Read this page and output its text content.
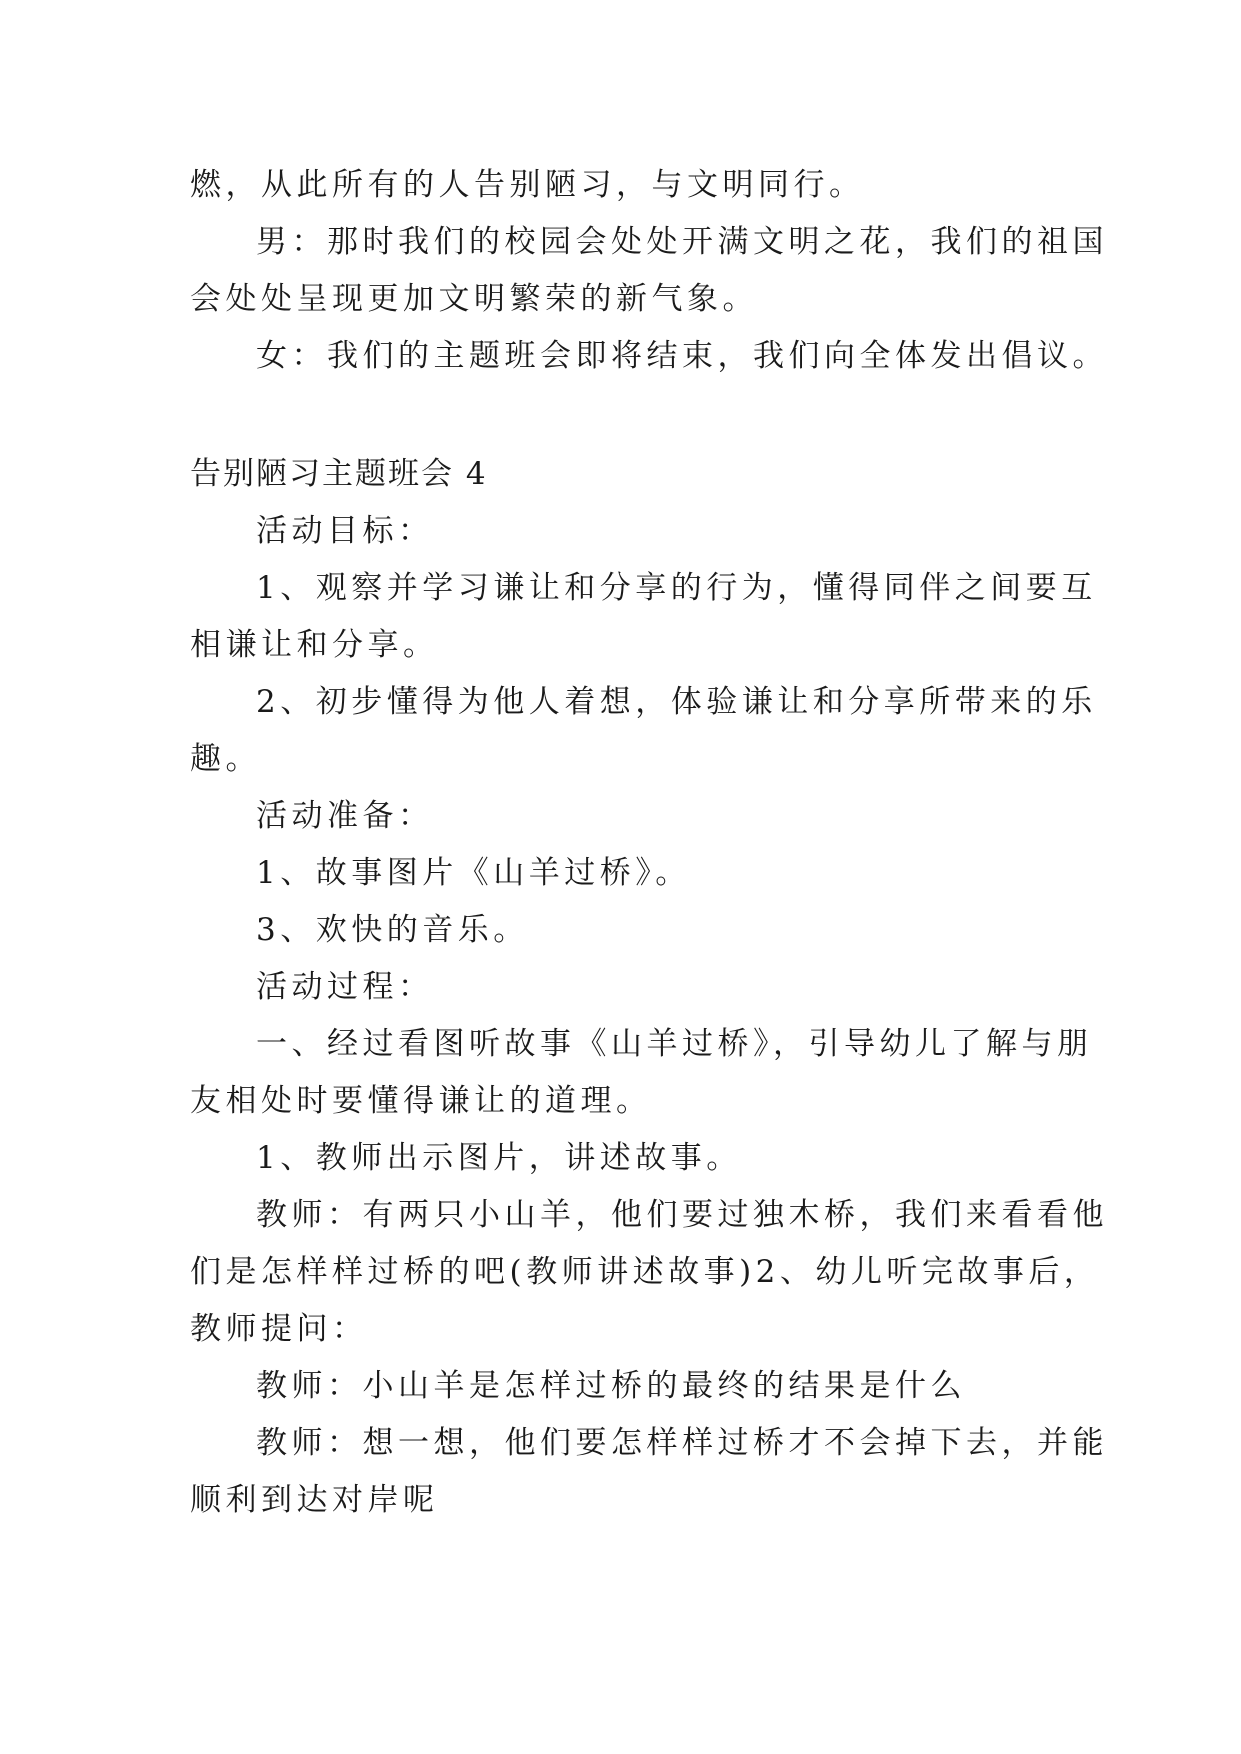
燃，从此所有的人告别陋习，与文明同行。
男：那时我们的校园会处处开满文明之花，我们的祖国
会处处呈现更加文明繁荣的新气象。
女：我们的主题班会即将结束，我们向全体发出倡议。
告别陋习主题班会 4
活动目标：
1、观察并学习谦让和分享的行为，懂得同伴之间要互
相谦让和分享。
2、初步懂得为他人着想，体验谦让和分享所带来的乐
趣。
活动准备：
1、故事图片《山羊过桥》。
3、欢快的音乐。
活动过程：
一、经过看图听故事《山羊过桥》，引导幼儿了解与朋
友相处时要懂得谦让的道理。
1、教师出示图片，讲述故事。
教师：有两只小山羊，他们要过独木桥，我们来看看他
们是怎样样过桥的吧(教师讲述故事)2、幼儿听完故事后，
教师提问：
教师：小山羊是怎样过桥的最终的结果是什么
教师：想一想，他们要怎样样过桥才不会掉下去，并能
顺利到达对岸呢
